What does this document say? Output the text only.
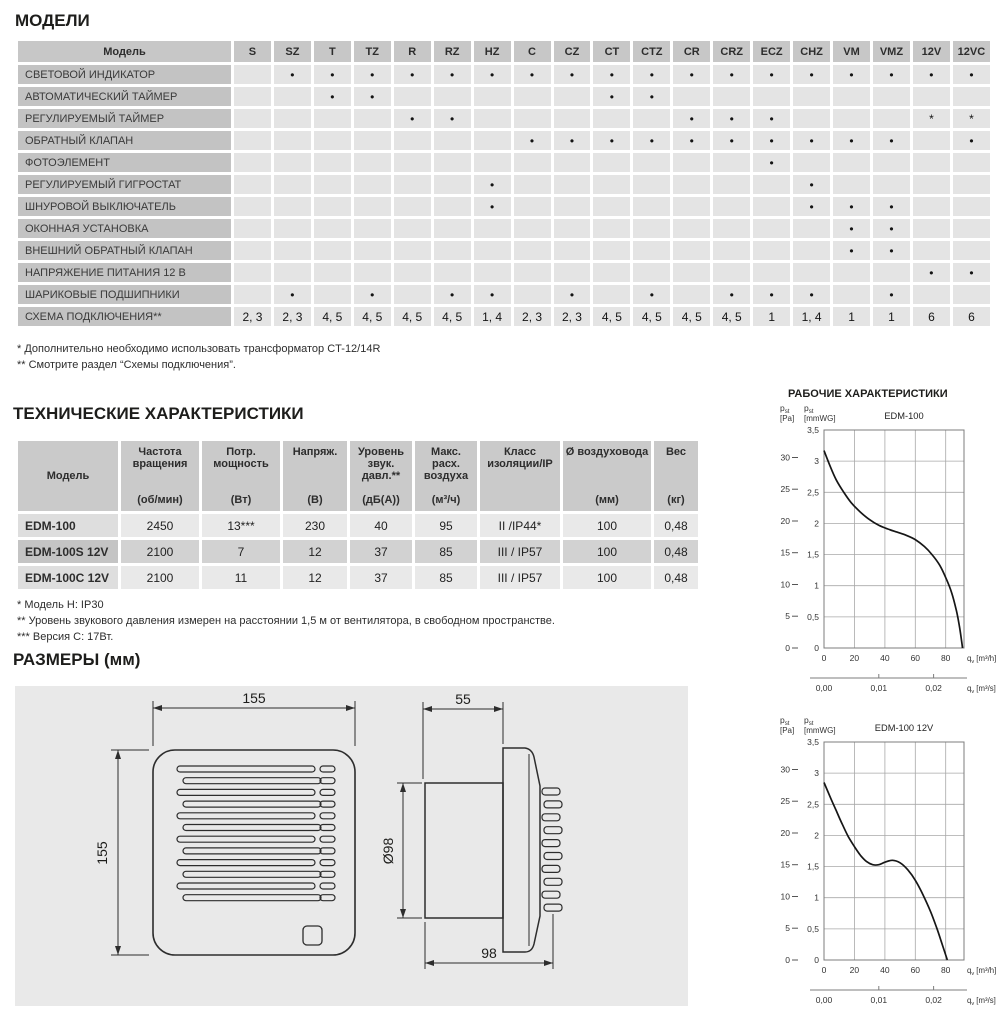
МОДЕЛИ
Модель	S	SZ	T	TZ	R	RZ	HZ	C	CZ	CT	CTZ	CR	CRZ	ECZ	CHZ	VM	VMZ	12V	12VC
СВЕТОВОЙ ИНДИКАТОР		•	•	•	•	•	•	•	•	•	•	•	•	•	•	•	•	•	•
АВТОМАТИЧЕСКИЙ ТАЙМЕР			•	•						•	•								
РЕГУЛИРУЕМЫЙ ТАЙМЕР					•	•						•	•	•				*	*
ОБРАТНЫЙ КЛАПАН								•	•	•	•	•	•	•	•	•	•		•
ФОТОЭЛЕМЕНТ														•					
РЕГУЛИРУЕМЫЙ ГИГРОСТАТ							•								•				
ШНУРОВОЙ ВЫКЛЮЧАТЕЛЬ							•								•	•	•		
ОКОННАЯ УСТАНОВКА																•	•		
ВНЕШНИЙ ОБРАТНЫЙ КЛАПАН																•	•		
НАПРЯЖЕНИЕ ПИТАНИЯ 12 В																		•	•
ШАРИКОВЫЕ ПОДШИПНИКИ		•		•		•	•		•		•		•	•	•		•		
СХЕМА ПОДКЛЮЧЕНИЯ**	2, 3	2, 3	4, 5	4, 5	4, 5	4, 5	1, 4	2, 3	2, 3	4, 5	4, 5	4, 5	4, 5	1	1, 4	1	1	6	6

* Дополнительно необходимо использовать трансформатор CT-12/14R

** Смотрите раздел “Схемы подключения”.

ТЕХНИЧЕСКИЕ ХАРАКТЕРИСТИКИ
Модель

Частота вращения
(об/мин)

Потр. мощность
(Вт)

Напряж.
(В)

Уровень звук. давл.**
(дБ(А))

Макс. расх. воздуха
(м³/ч)

Класс изоляции/IP

Ø воздуховода
(мм)

Вес
(кг)

EDM-100	2450	13***	230	40	95	II /IP44*	100	0,48
EDM-100S 12V	2100	7	12	37	85	III / IP57	100	0,48
EDM-100C 12V	2100	11	12	37	85	III / IP57	100	0,48

* Модель H: IP30

** Уровень звукового давления измерен на расстоянии 1,5 м от вентилятора, в свободном пространстве.

*** Версия C: 17Вт.

РАЗМЕРЫ (мм)
155
155
55
Ø98
98
РАБОЧИЕ ХАРАКТЕРИСТИКИ
0
0,5
1
1,5
2
2,5
3
3,5
0
5
10
15
20
25
30
0	20 40 60 80 $q_v$ [m³/h]
0,00	0,01	0,02	$q_v$ [m³/s]
$p_{st}$
[Pa]
$p_{st}$
[mmWG]	EDM-100
0
0,5
1
1,5
2
2,5
3
3,5
0
5
10
15
20
25
30
0	20 40 60 80 $q_v$ [m³/h]
0,00	0,01	0,02	$q_v$ [m³/s]
$p_{st}$
[Pa]
$p_{st}$
[mmWG]	EDM-100 12V
